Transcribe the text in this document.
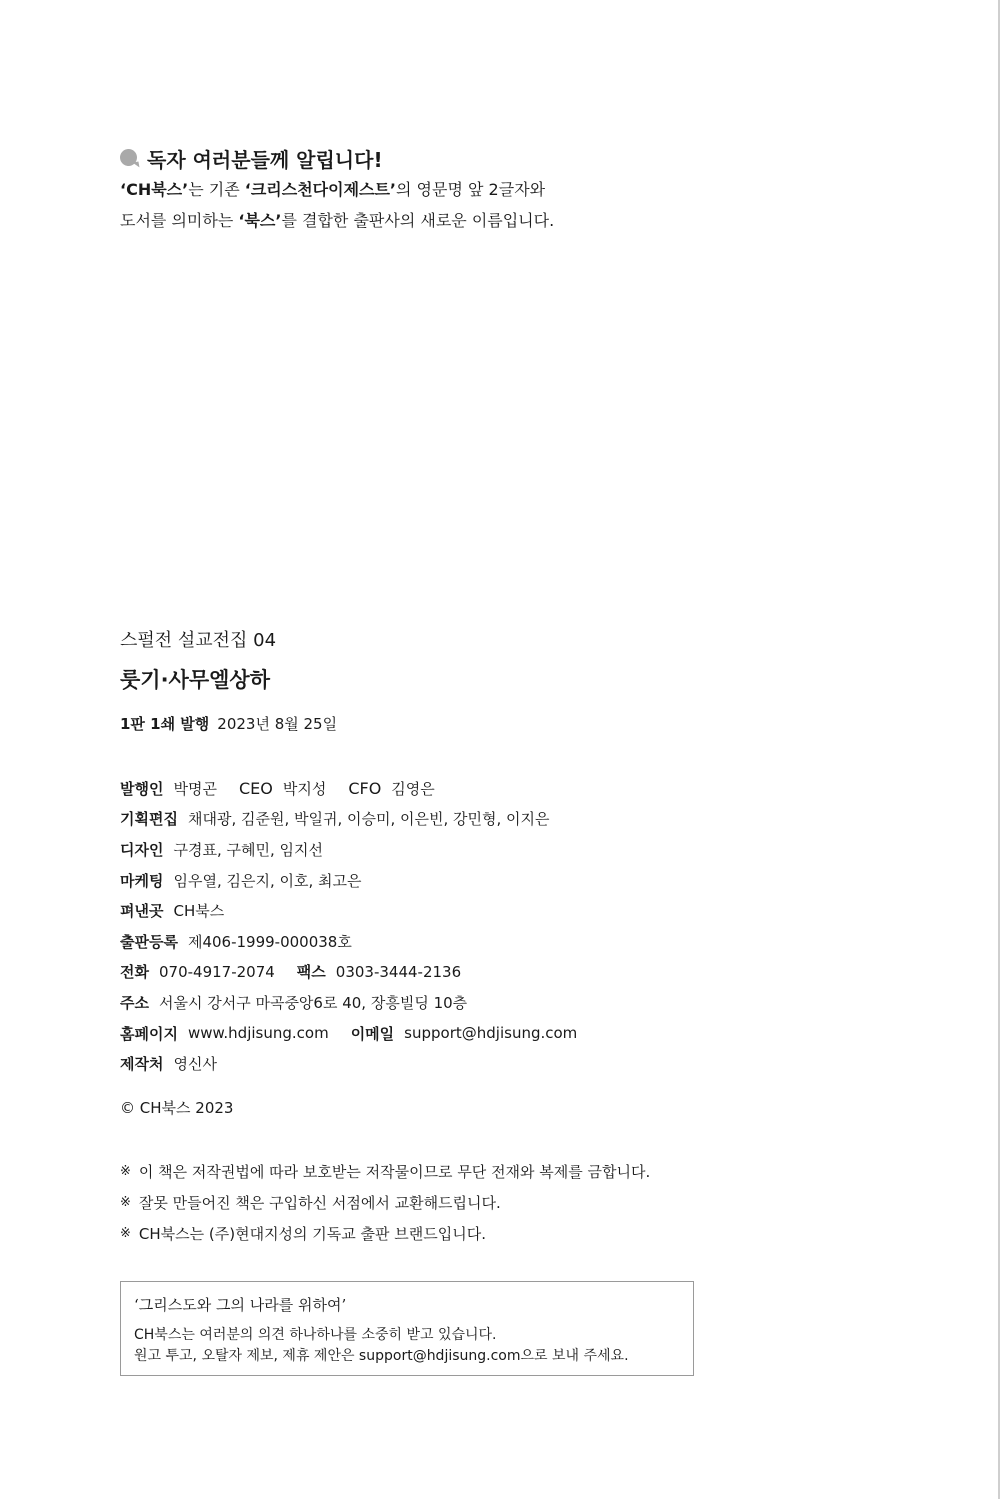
독자 여러분들께 알립니다!
‘CH북스’는 기존 ‘크리스천다이제스트’의 영문명 앞 2글자와
도서를 의미하는 ‘북스’를 결합한 출판사의 새로운 이름입니다.
스펄전 설교전집 04
룻기·사무엘상하
1판 1쇄 발행 2023년 8월 25일
발행인 박명곤 CEO 박지성 CFO 김영은
기획편집 채대광, 김준원, 박일귀, 이승미, 이은빈, 강민형, 이지은
디자인 구경표, 구혜민, 임지선
마케팅 임우열, 김은지, 이호, 최고은
펴낸곳 CH북스
출판등록 제406-1999-000038호
전화 070-4917-2074 팩스 0303-3444-2136
주소 서울시 강서구 마곡중앙6로 40, 장흥빌딩 10층
홈페이지 www.hdjisung.com 이메일 support@hdjisung.com
제작처 영신사
© CH북스 2023
※ 이 책은 저작권법에 따라 보호받는 저작물이므로 무단 전재와 복제를 금합니다.
※ 잘못 만들어진 책은 구입하신 서점에서 교환해드립니다.
※ CH북스는 (주)현대지성의 기독교 출판 브랜드입니다.
‘그리스도와 그의 나라를 위하여’
CH북스는 여러분의 의견 하나하나를 소중히 받고 있습니다.
원고 투고, 오탈자 제보, 제휴 제안은 support@hdjisung.com으로 보내 주세요.
